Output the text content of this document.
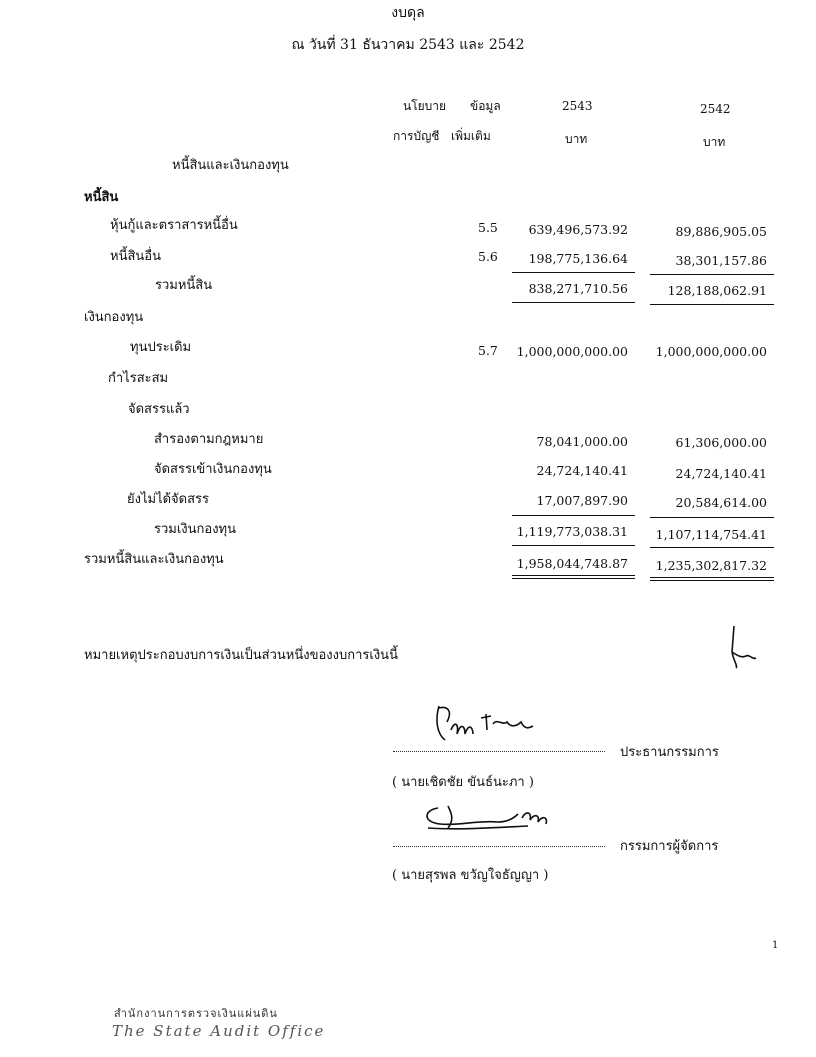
งบดุล
ณ วันที่ 31 ธันวาคม 2543 และ 2542
นโยบาย
การบัญชี
ข้อมูล
เพิ่มเติม
2543	2542
บาท	บาท
หนี้สินและเงินกองทุน
หนี้สิน
หุ้นกู้และตราสารหนี้อื่น
หนี้สินอื่น
รวมหนี้สิน
เงินกองทุน
ทุนประเดิม
กำไรสะสม
จัดสรรแล้ว
สำรองตามกฎหมาย
จัดสรรเข้าเงินกองทุน
ยังไม่ได้จัดสรร
รวมเงินกองทุน
รวมหนี้สินและเงินกองทุน
5.5
5.6
5.7
639,496,573.92
198,775,136.64
838,271,710.56
1,000,000,000.00
78,041,000.00
24,724,140.41
17,007,897.90
1,119,773,038.31
1,958,044,748.87
89,886,905.05
38,301,157.86
128,188,062.91
1,000,000,000.00
61,306,000.00
24,724,140.41
20,584,614.00
1,107,114,754.41
1,235,302,817.32
หมายเหตุประกอบงบการเงินเป็นส่วนหนึ่งของงบการเงินนี้
ประธานกรรมการ
( นายเชิดชัย ขันธ์นะภา )
กรรมการผู้จัดการ
( นายสุรพล ขวัญใจธัญญา )
1
สำนักงานการตรวจเงินแผ่นดิน
The State Audit Office
